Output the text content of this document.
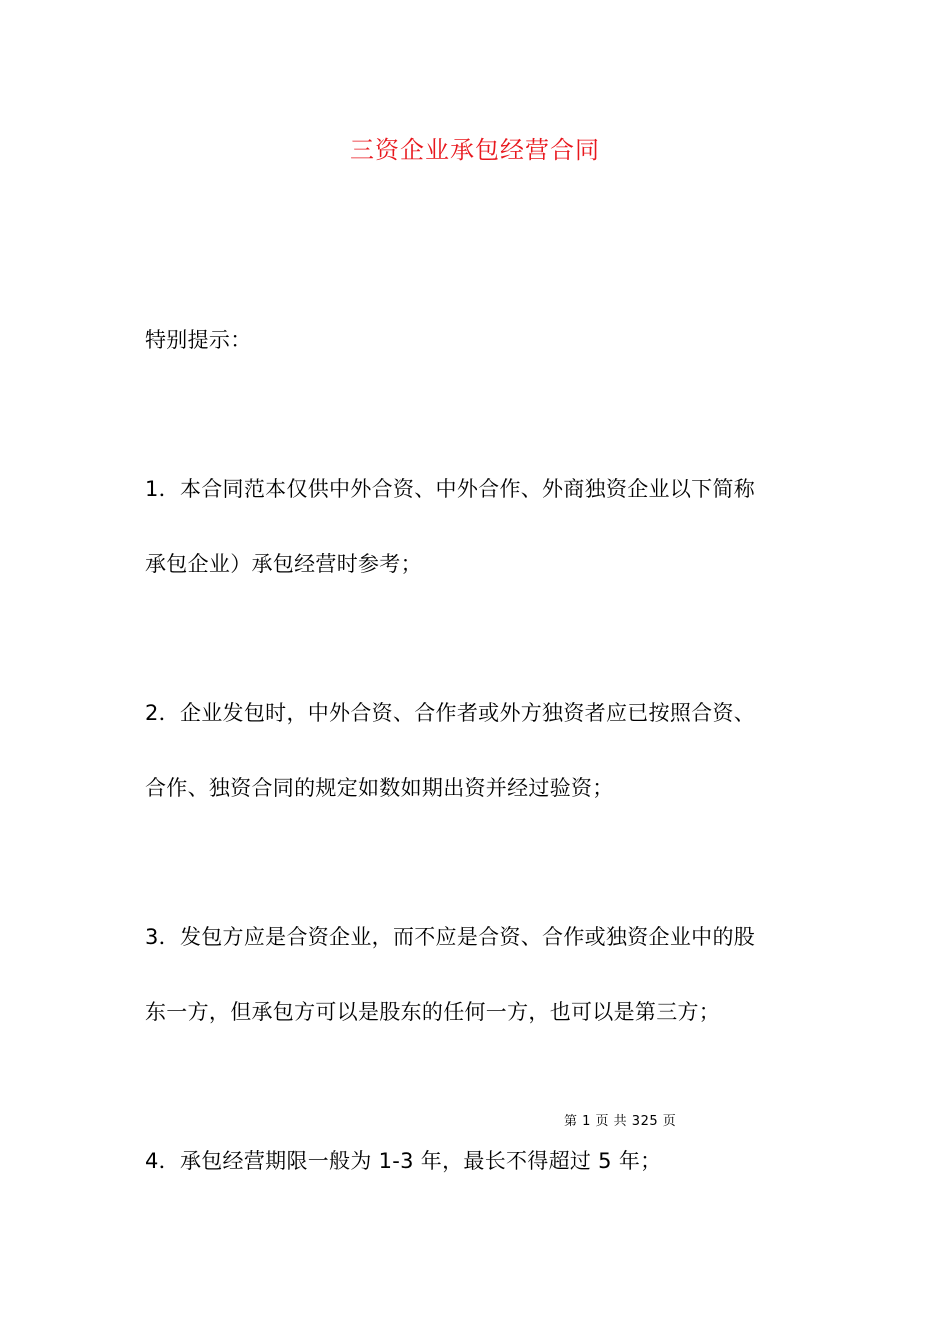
三资企业承包经营合同
特别提示：
1．本合同范本仅供中外合资、中外合作、外商独资企业以下简称
承包企业）承包经营时参考；
2．企业发包时，中外合资、合作者或外方独资者应已按照合资、
合作、独资合同的规定如数如期出资并经过验资；
3．发包方应是合资企业，而不应是合资、合作或独资企业中的股
东一方，但承包方可以是股东的任何一方，也可以是第三方；
第 1 页 共 325 页
4．承包经营期限一般为 1-3 年，最长不得超过 5 年；
